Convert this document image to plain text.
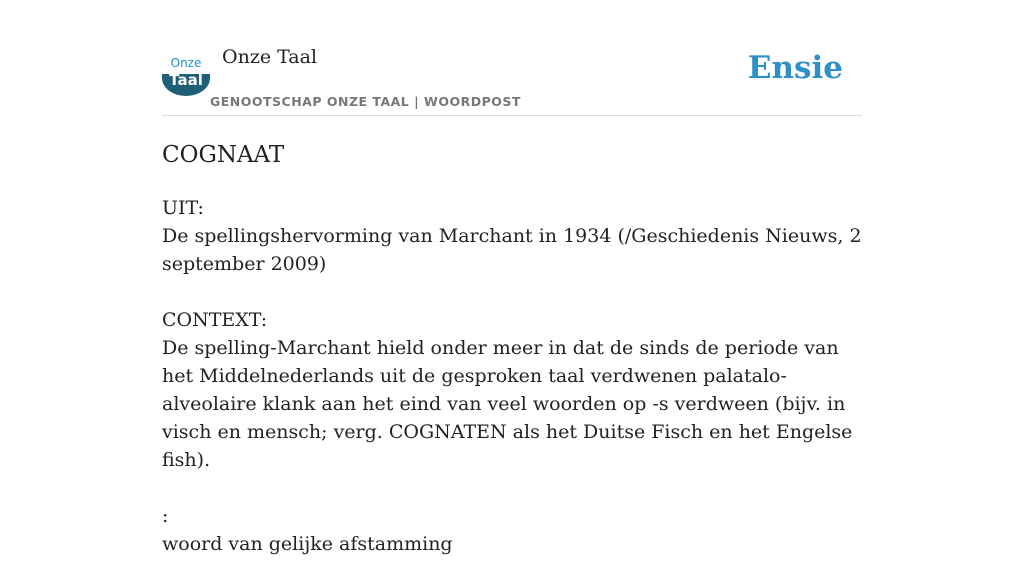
Onze
Taal
Onze Taal
GENOOTSCHAP ONZE TAAL | WOORDPOST
Ensie
COGNAAT
UIT:
De spellingshervorming van Marchant in 1934 (/Geschiedenis Nieuws, 2 september 2009)
CONTEXT:
De spelling-Marchant hield onder meer in dat de sinds de periode van het Middelnederlands uit de gesproken taal verdwenen palatalo-alveolaire klank aan het eind van veel woorden op -s verdween (bijv. in visch en mensch; verg. COGNATEN als het Duitse Fisch en het Engelse fish).
:
woord van gelijke afstamming
